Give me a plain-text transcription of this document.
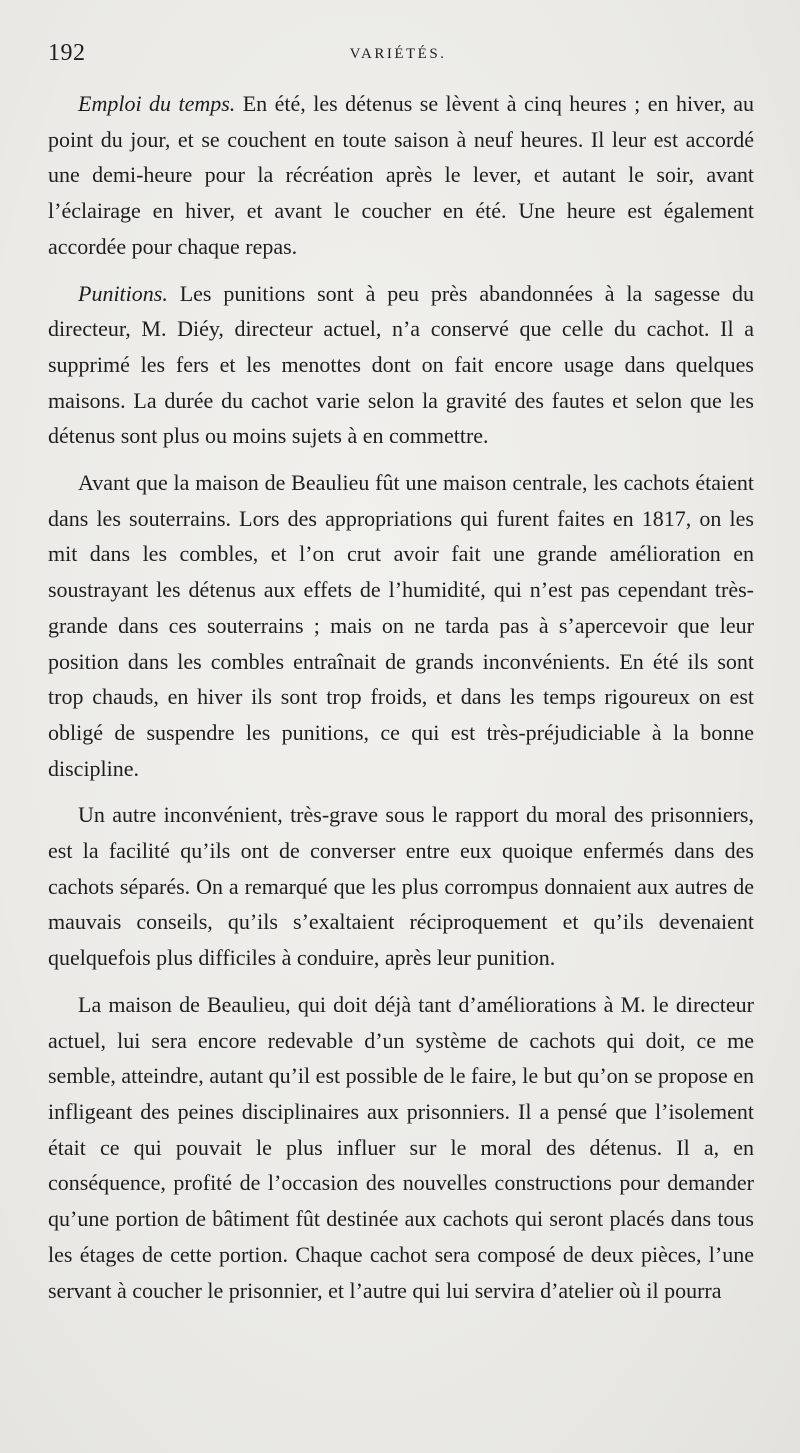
192	VARIÉTÉS.

Emploi du temps. En été, les détenus se lèvent à cinq heures ; en hiver, au point du jour, et se couchent en toute saison à neuf heures. Il leur est accordé une demi-heure pour la récréation après le lever, et autant le soir, avant l’éclairage en hiver, et avant le coucher en été. Une heure est également accordée pour chaque repas.

Punitions. Les punitions sont à peu près abandonnées à la sagesse du directeur, M. Diéy, directeur actuel, n’a conservé que celle du cachot. Il a supprimé les fers et les menottes dont on fait encore usage dans quelques maisons. La durée du cachot varie selon la gravité des fautes et selon que les détenus sont plus ou moins sujets à en commettre.

Avant que la maison de Beaulieu fût une maison centrale, les cachots étaient dans les souterrains. Lors des appropriations qui furent faites en 1817, on les mit dans les combles, et l’on crut avoir fait une grande amélioration en soustrayant les détenus aux effets de l’humidité, qui n’est pas cependant très-grande dans ces souterrains ; mais on ne tarda pas à s’apercevoir que leur position dans les combles entraînait de grands inconvénients. En été ils sont trop chauds, en hiver ils sont trop froids, et dans les temps rigoureux on est obligé de suspendre les punitions, ce qui est très-préjudiciable à la bonne discipline.

Un autre inconvénient, très-grave sous le rapport du moral des prisonniers, est la facilité qu’ils ont de converser entre eux quoique enfermés dans des cachots séparés. On a remarqué que les plus corrompus donnaient aux autres de mauvais conseils, qu’ils s’exaltaient réciproquement et qu’ils devenaient quelquefois plus difficiles à conduire, après leur punition.

La maison de Beaulieu, qui doit déjà tant d’améliorations à M. le directeur actuel, lui sera encore redevable d’un système de cachots qui doit, ce me semble, atteindre, autant qu’il est possible de le faire, le but qu’on se propose en infligeant des peines disciplinaires aux prisonniers. Il a pensé que l’isolement était ce qui pouvait le plus influer sur le moral des détenus. Il a, en conséquence, profité de l’occasion des nouvelles constructions pour demander qu’une portion de bâtiment fût destinée aux cachots qui seront placés dans tous les étages de cette portion. Chaque cachot sera composé de deux pièces, l’une servant à coucher le prisonnier, et l’autre qui lui servira d’atelier où il pourra
